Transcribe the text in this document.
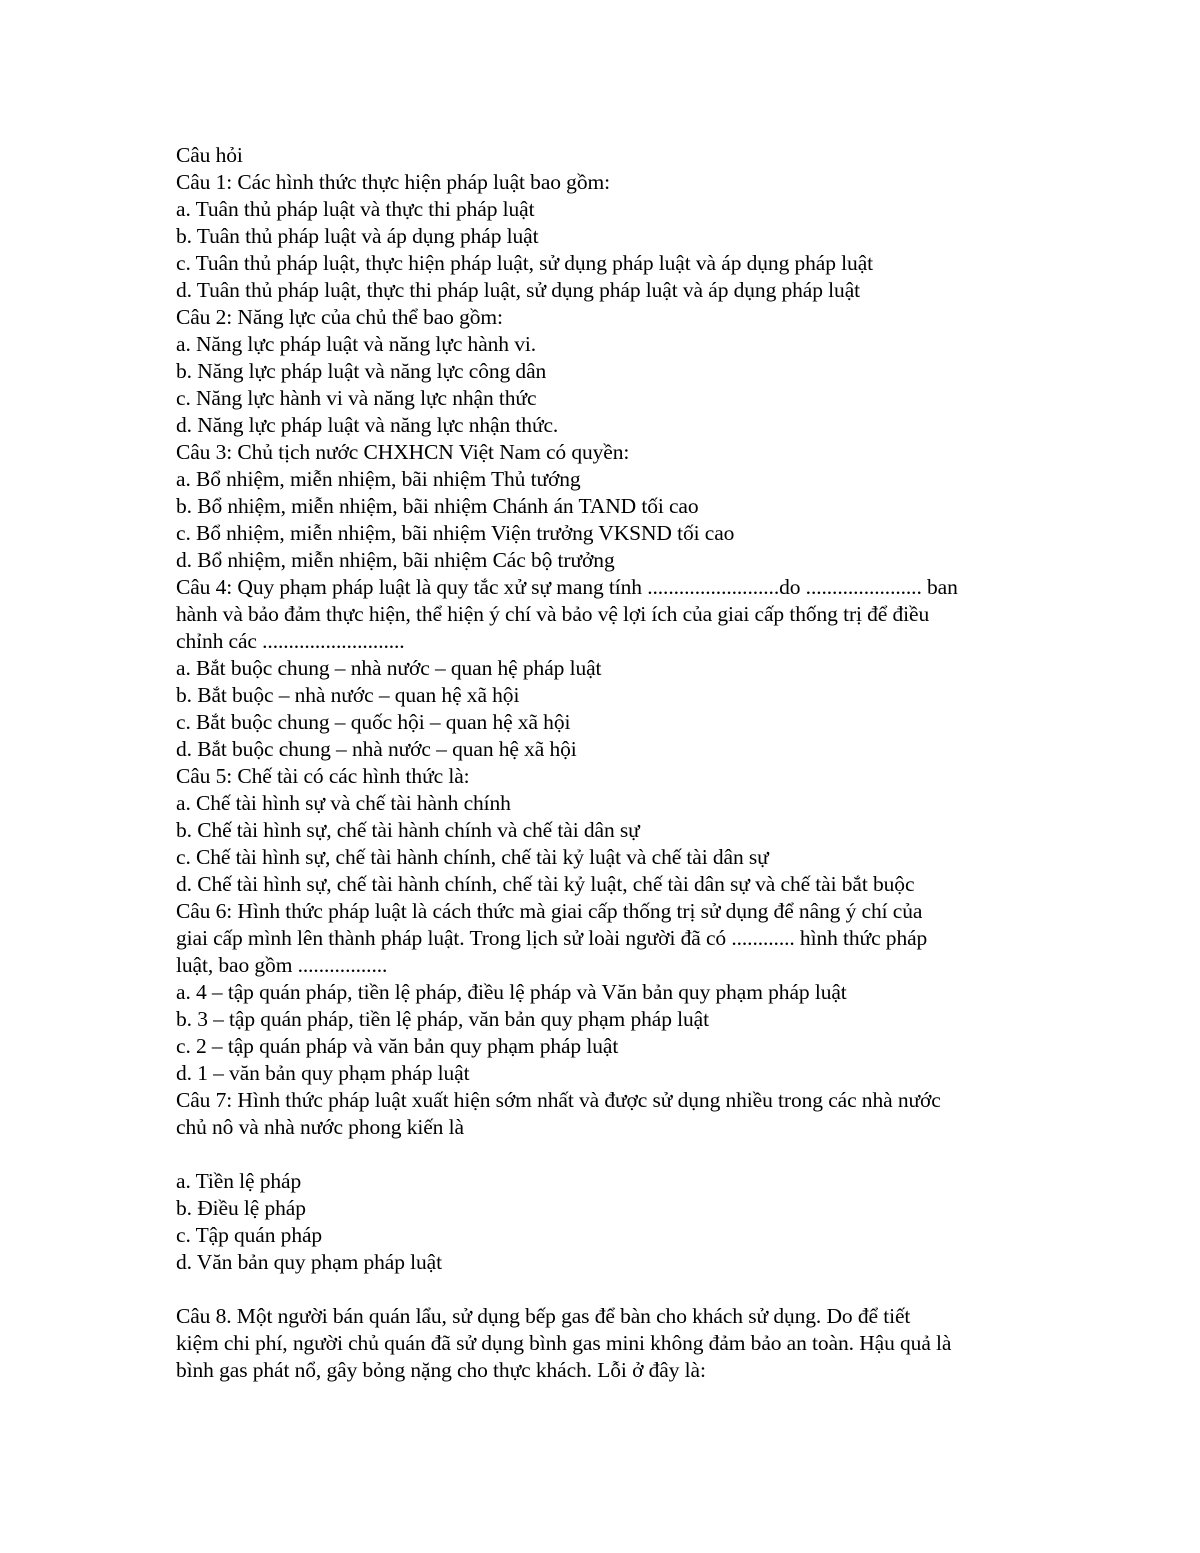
Câu hỏi
Câu 1: Các hình thức thực hiện pháp luật bao gồm:
a. Tuân thủ pháp luật và thực thi pháp luật
b. Tuân thủ pháp luật và áp dụng pháp luật
c. Tuân thủ pháp luật, thực hiện pháp luật, sử dụng pháp luật và áp dụng pháp luật
d. Tuân thủ pháp luật, thực thi pháp luật, sử dụng pháp luật và áp dụng pháp luật
Câu 2: Năng lực của chủ thể bao gồm:
a. Năng lực pháp luật và năng lực hành vi.
b. Năng lực pháp luật và năng lực công dân
c. Năng lực hành vi và năng lực nhận thức
d. Năng lực pháp luật và năng lực nhận thức.
Câu 3: Chủ tịch nước CHXHCN Việt Nam có quyền:
a. Bổ nhiệm, miễn nhiệm, bãi nhiệm Thủ tướng
b. Bổ nhiệm, miễn nhiệm, bãi nhiệm Chánh án TAND tối cao
c. Bổ nhiệm, miễn nhiệm, bãi nhiệm Viện trưởng VKSND tối cao
d. Bổ nhiệm, miễn nhiệm, bãi nhiệm Các bộ trưởng
Câu 4: Quy phạm pháp luật là quy tắc xử sự mang tính .........................do ...................... ban
hành và bảo đảm thực hiện, thể hiện ý chí và bảo vệ lợi ích của giai cấp thống trị để điều
chỉnh các ...........................
a. Bắt buộc chung – nhà nước – quan hệ pháp luật
b. Bắt buộc – nhà nước – quan hệ xã hội
c. Bắt buộc chung – quốc hội – quan hệ xã hội
d. Bắt buộc chung – nhà nước – quan hệ xã hội
Câu 5: Chế tài có các hình thức là:
a. Chế tài hình sự và chế tài hành chính
b. Chế tài hình sự, chế tài hành chính và chế tài dân sự
c. Chế tài hình sự, chế tài hành chính, chế tài kỷ luật và chế tài dân sự
d. Chế tài hình sự, chế tài hành chính, chế tài kỷ luật, chế tài dân sự và chế tài bắt buộc
Câu 6: Hình thức pháp luật là cách thức mà giai cấp thống trị sử dụng để nâng ý chí của
giai cấp mình lên thành pháp luật. Trong lịch sử loài người đã có ............ hình thức pháp
luật, bao gồm .................
a. 4 – tập quán pháp, tiền lệ pháp, điều lệ pháp và Văn bản quy phạm pháp luật
b. 3 – tập quán pháp, tiền lệ pháp, văn bản quy phạm pháp luật
c. 2 – tập quán pháp và văn bản quy phạm pháp luật
d. 1 – văn bản quy phạm pháp luật
Câu 7: Hình thức pháp luật xuất hiện sớm nhất và được sử dụng nhiều trong các nhà nước
chủ nô và nhà nước phong kiến là
a. Tiền lệ pháp
b. Điều lệ pháp
c. Tập quán pháp
d. Văn bản quy phạm pháp luật
Câu 8. Một người bán quán lẩu, sử dụng bếp gas để bàn cho khách sử dụng. Do để tiết
kiệm chi phí, người chủ quán đã sử dụng bình gas mini không đảm bảo an toàn. Hậu quả là
bình gas phát nổ, gây bỏng nặng cho thực khách. Lỗi ở đây là:
